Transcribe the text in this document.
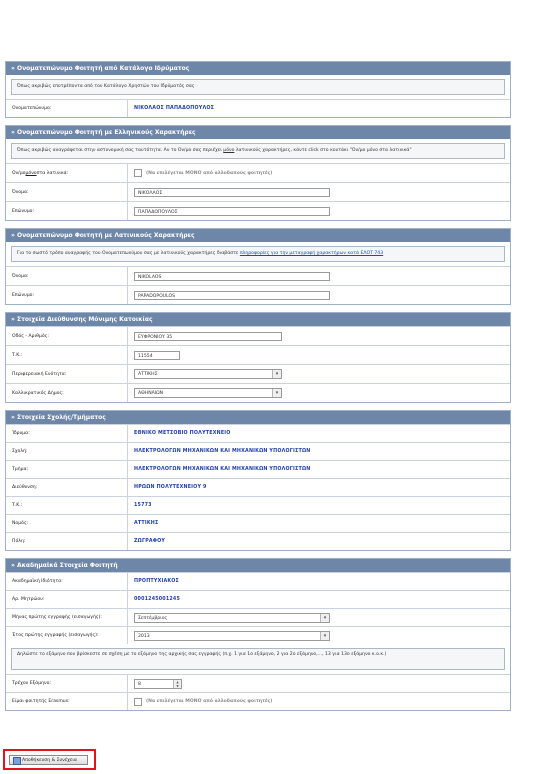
» Ονοματεπώνυμο Φοιτητή από Κατάλογο Ιδρύματος
Όπως ακριβώς εποτρέποντα από τον Κατάλογο Χρηστών του Ιδρύματός σας
Ονοματεπώνυμο:	ΝΙΚΟΛΑΟΣ ΠΑΠΑΔΟΠΟΥΛΟΣ
» Ονοματεπώνυμο Φοιτητή με Ελληνικούς Χαρακτήρες
Όπως ακριβώς αναγράφεται στην αστυνομική σας ταυτότητα. Αν το Ον/μο σας περιέχει μόνο λατινικούς χαρακτήρες, κάντε click στο κουτάκι "Ον/μο μόνο στα λατινικά"
Ον/μο μόνο στα λατινικά:	(Να επιλέγεται ΜΟΝΟ από αλλοδαπούς φοιτητές)
Όνομα:	ΝΙΚΟΛΑΟΣ
Επώνυμο:	ΠΑΠΑΔΟΠΟΥΛΟΣ
» Ονοματεπώνυμο Φοιτητή με Λατινικούς Χαρακτήρες
Για το σωστό τρόπο αναγραφής του Ονοματεπωνύμου σας με λατινικούς χαρακτήρες διαβάστε πληροφορίες για την μεταγραφή χαρακτήρων κατά ΕΛΟΤ 743
Όνομα:	NIKOLAOS
Επώνυμο:	PAPADOPOULOS
» Στοιχεία Διεύθυνσης Μόνιμης Κατοικίας
Οδός - Αριθμός:	ΕΥΦΡΟΝΙΟΥ 35
Τ.Κ.:	11554
Περιφερειακή Ενότητα:	ΑΤΤΙΚΗΣ	▾
Καλλικρατικός Δήμος:	ΑΘΗΝΑΙΩΝ	▾
» Στοιχεία Σχολής/Τμήματος
Ίδρυμα:	ΕΘΝΙΚΟ ΜΕΤΣΟΒΙΟ ΠΟΛΥΤΕΧΝΕΙΟ
Σχολή:	ΗΛΕΚΤΡΟΛΟΓΩΝ ΜΗΧΑΝΙΚΩΝ ΚΑΙ ΜΗΧΑΝΙΚΩΝ ΥΠΟΛΟΓΙΣΤΩΝ
Τμήμα:	ΗΛΕΚΤΡΟΛΟΓΩΝ ΜΗΧΑΝΙΚΩΝ ΚΑΙ ΜΗΧΑΝΙΚΩΝ ΥΠΟΛΟΓΙΣΤΩΝ
Διεύθυνση:	ΗΡΩΩΝ ΠΟΛΥΤΕΧΝΕΙΟΥ 9
Τ.Κ.:	15773
Νομός:	ΑΤΤΙΚΗΣ
Πόλη:	ΖΩΓΡΑΦΟΥ
» Ακαδημαϊκά Στοιχεία Φοιτητή
Ακαδημαϊκή Ιδιότητα:	ΠΡΟΠΤΥΧΙΑΚΟΣ
Αρ. Μητρώου:	0001245001245
Μήνας πρώτης εγγραφής (εισαγωγής):	Σεπτέμβριος	▾
Έτος πρώτης εγγραφής (εισαγωγής):	2013	▾
Δηλώστε το εξάμηνο που βρίσκεστε σε σχέση με το εξάμηνο της αρχικής σας εγγραφής (π.χ. 1 για 1ο εξάμηνο, 2 για 2ο εξάμηνο,..., 13 για 13ο εξάμηνο κ.ο.κ.)
Τρέχον Εξάμηνο:	8	▲
▼
Είμαι φοιτητής Erasmus:	(Να επιλέγεται ΜΟΝΟ από αλλοδαπούς φοιτητές)
Αποθήκευση & Συνέχεια
